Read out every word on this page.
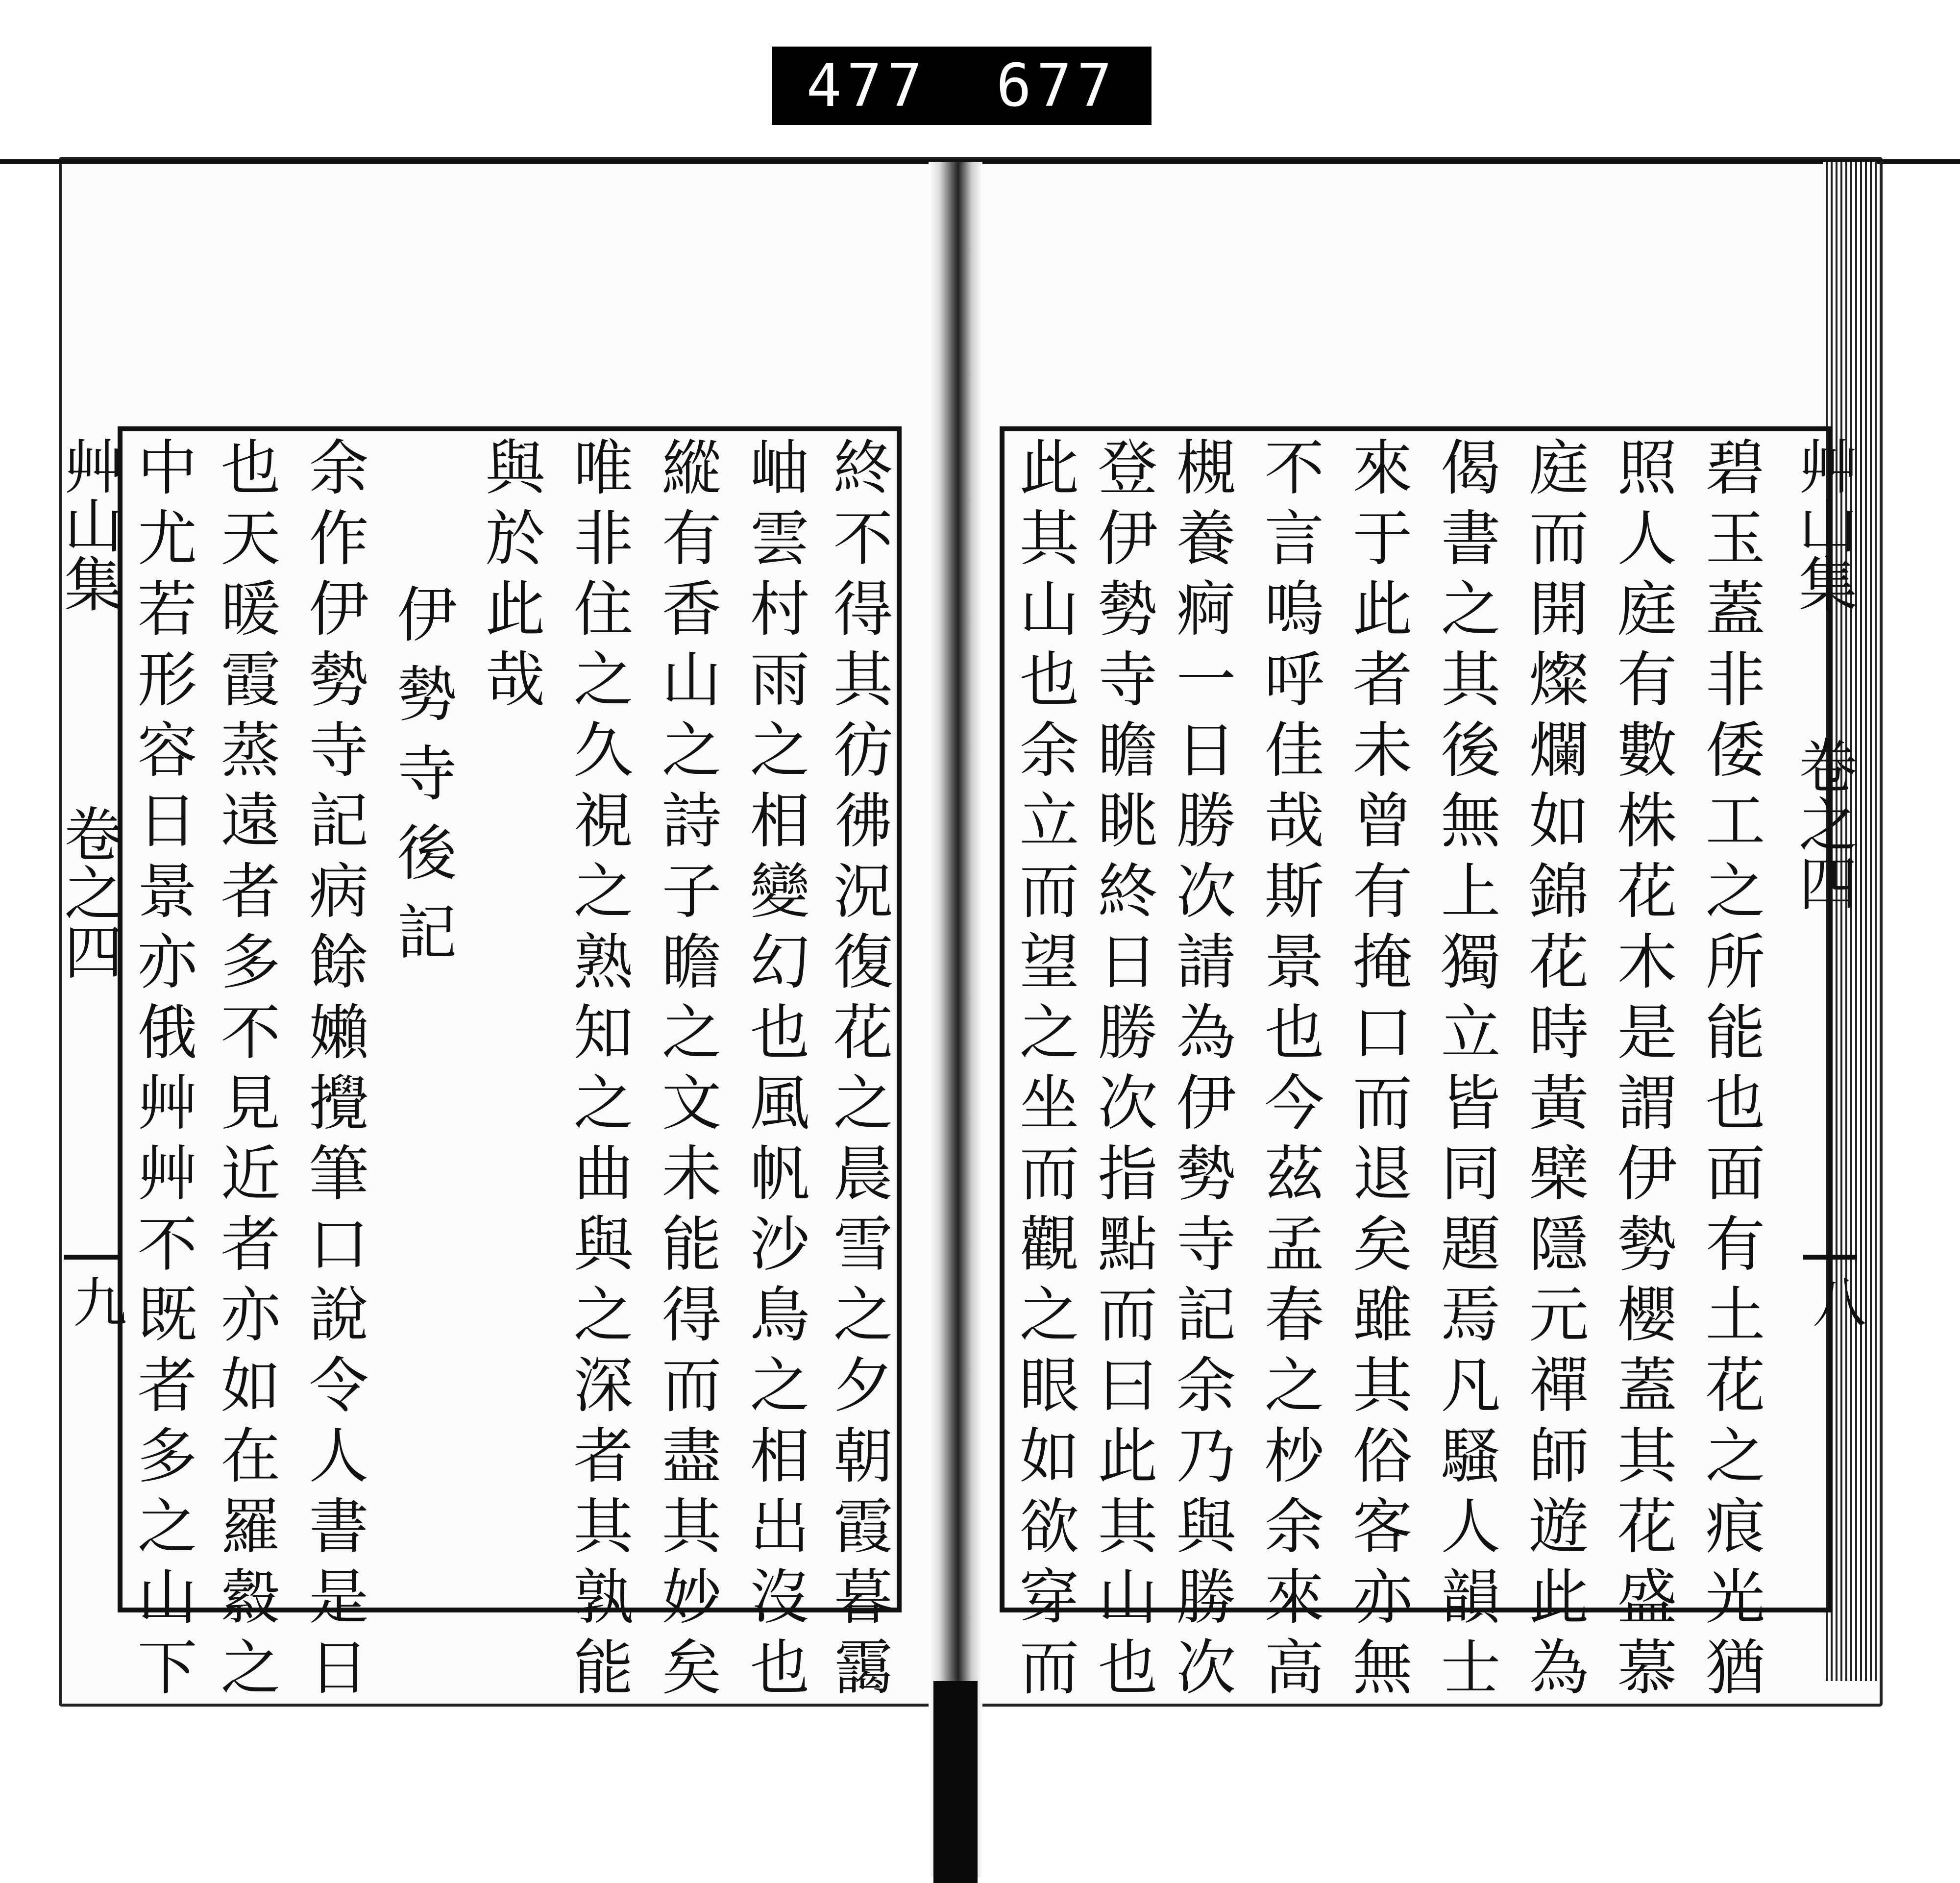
477 677
艸山集
卷之四
九	終不得其彷彿況復花之晨雪之夕朝霞暮靄
岫雲村雨之相變幻也風帆沙鳥之相出沒也
縱有香山之詩子瞻之文未能得而盡其妙矣
唯非住之久視之熟知之曲與之深者其孰能
與於此哉
伊勢寺後記
余作伊勢寺記病餘嬾攪筆口說令人書是日
也天暖霞蒸遠者多不見近者亦如在羅縠之
中尤若形容日景亦俄艸艸不既者多之山下	艸山集
卷之四
八
碧玉蓋非倭工之所能也面有土花之痕光猶
照人庭有數株花木是謂伊勢櫻蓋其花盛慕
庭而開燦爛如錦花時黃檗隱元禪師遊此為
偈書之其後無上獨立皆同題焉凡騷人韻士
來于此者未曾有掩口而退矣雖其俗客亦無
不言嗚呼佳哉斯景也今茲孟春之杪余來高
槻養痾一日勝次請為伊勢寺記余乃與勝次
登伊勢寺瞻眺終日勝次指點而曰此其山也
此其山也余立而望之坐而觀之眼如欲穿而
